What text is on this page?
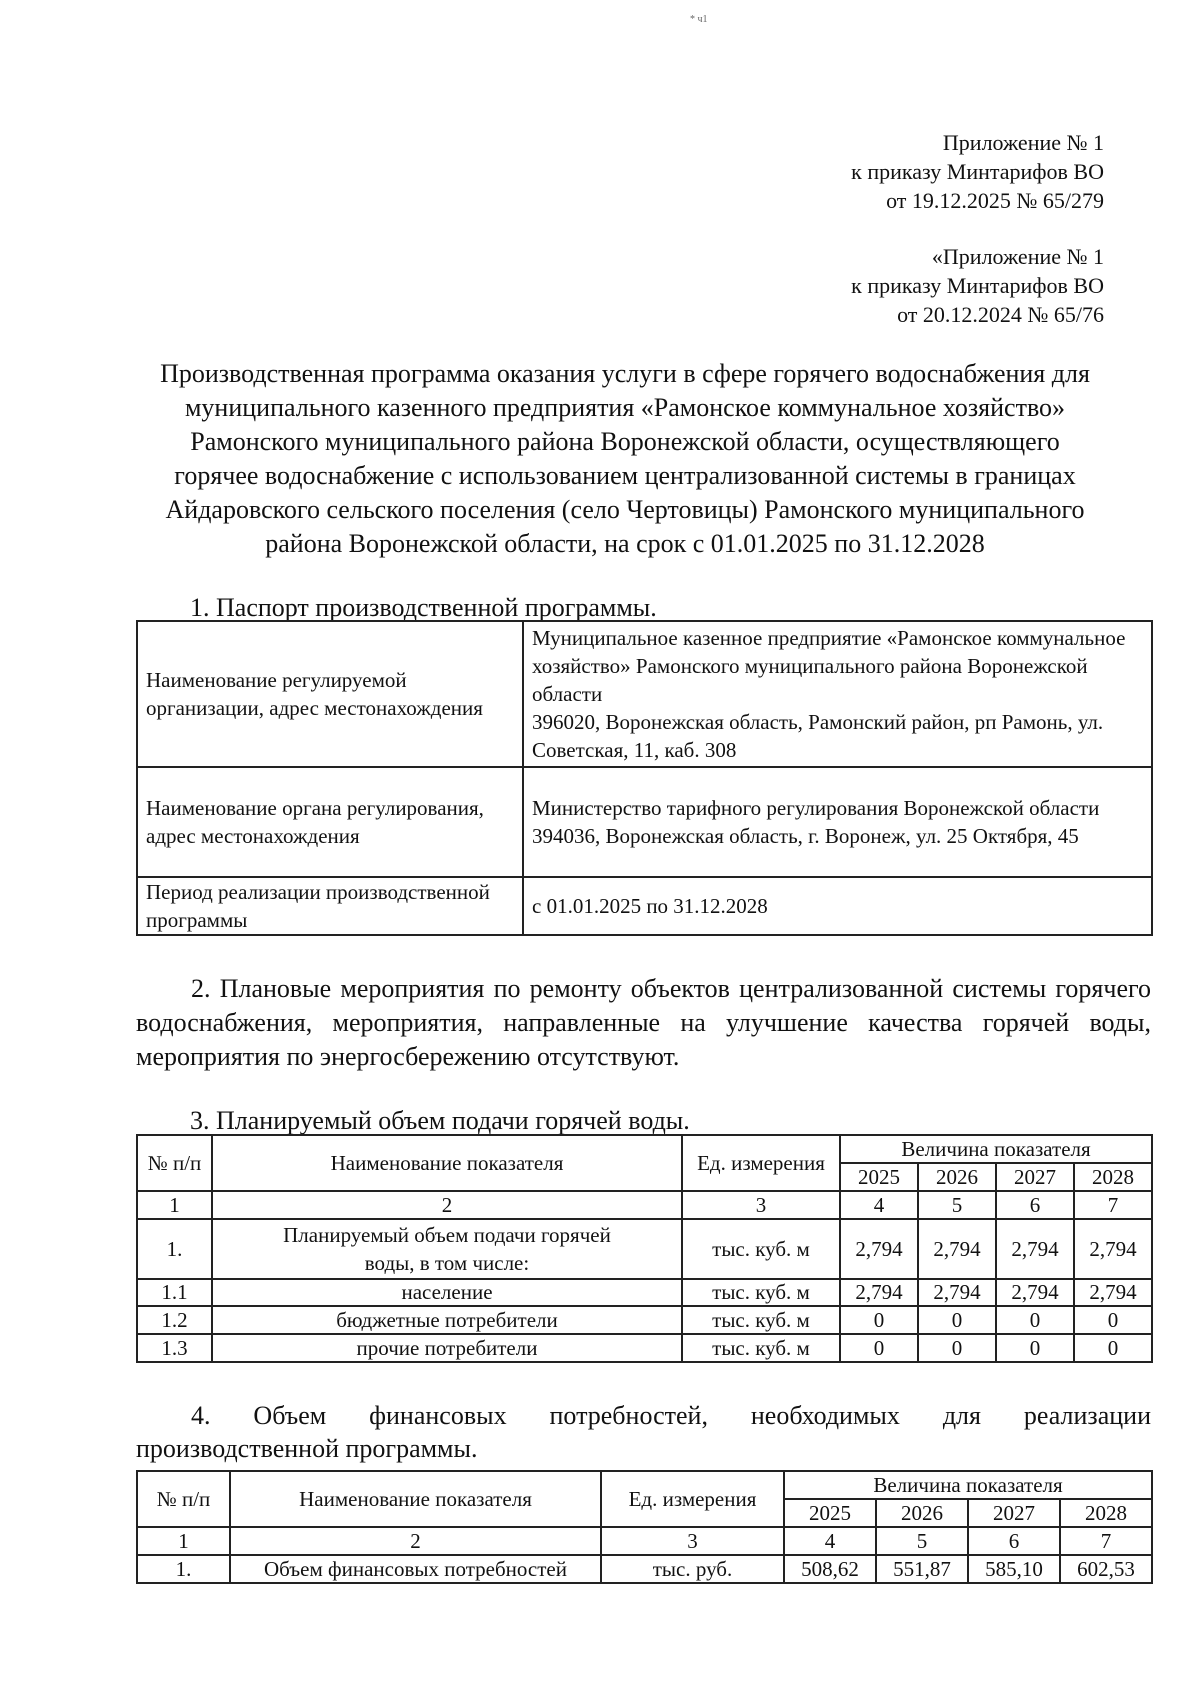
* ч1
Приложение № 1
к приказу Минтарифов ВО
от 19.12.2025 № 65/279
«Приложение № 1
к приказу Минтарифов ВО
от 20.12.2024 № 65/76
Производственная программа оказания услуги в сфере горячего водоснабжения для
муниципального казенного предприятия «Рамонское коммунальное хозяйство»
Рамонского муниципального района Воронежской области, осуществляющего
горячее водоснабжение с использованием централизованной системы в границах
Айдаровского сельского поселения (село Чертовицы) Рамонского муниципального
района Воронежской области, на срок с 01.01.2025 по 31.12.2028
1. Паспорт производственной программы.
Наименование регулируемой организации, адрес местонахождения	Муниципальное казенное предприятие «Рамонское коммунальное хозяйство» Рамонского муниципального района Воронежской области
396020, Воронежская область, Рамонский район, рп Рамонь, ул. Советская, 11, каб. 308

Наименование органа регулирования, адрес местонахождения	Министерство тарифного регулирования Воронежской области
394036, Воронежская область, г. Воронеж, ул. 25 Октября, 45

Период реализации производственной программы	с 01.01.2025 по 31.12.2028
2. Плановые мероприятия по ремонту объектов централизованной системы горячего водоснабжения, мероприятия, направленные на улучшение качества горячей воды, мероприятия по энергосбережению отсутствуют.
3. Планируемый объем подачи горячей воды.
№ п/п	Наименование показателя	Ед. измерения	Величина показателя			
			2025	2026	2027	2028
1	2	3	4	5	6	7
1.	Планируемый объем подачи горячей воды, в том числе:	тыс. куб. м	2,794	2,794	2,794	2,794
1.1	население	тыс. куб. м	2,794	2,794	2,794	2,794
1.2	бюджетные потребители	тыс. куб. м	0	0	0	0
1.3	прочие потребители	тыс. куб. м	0	0	0	0
4. Объем финансовых потребностей, необходимых для реализации
производственной программы.
№ п/п	Наименование показателя	Ед. измерения	Величина показателя			
			2025	2026	2027	2028
1	2	3	4	5	6	7
1.	Объем финансовых потребностей	тыс. руб.	508,62	551,87	585,10	602,53
